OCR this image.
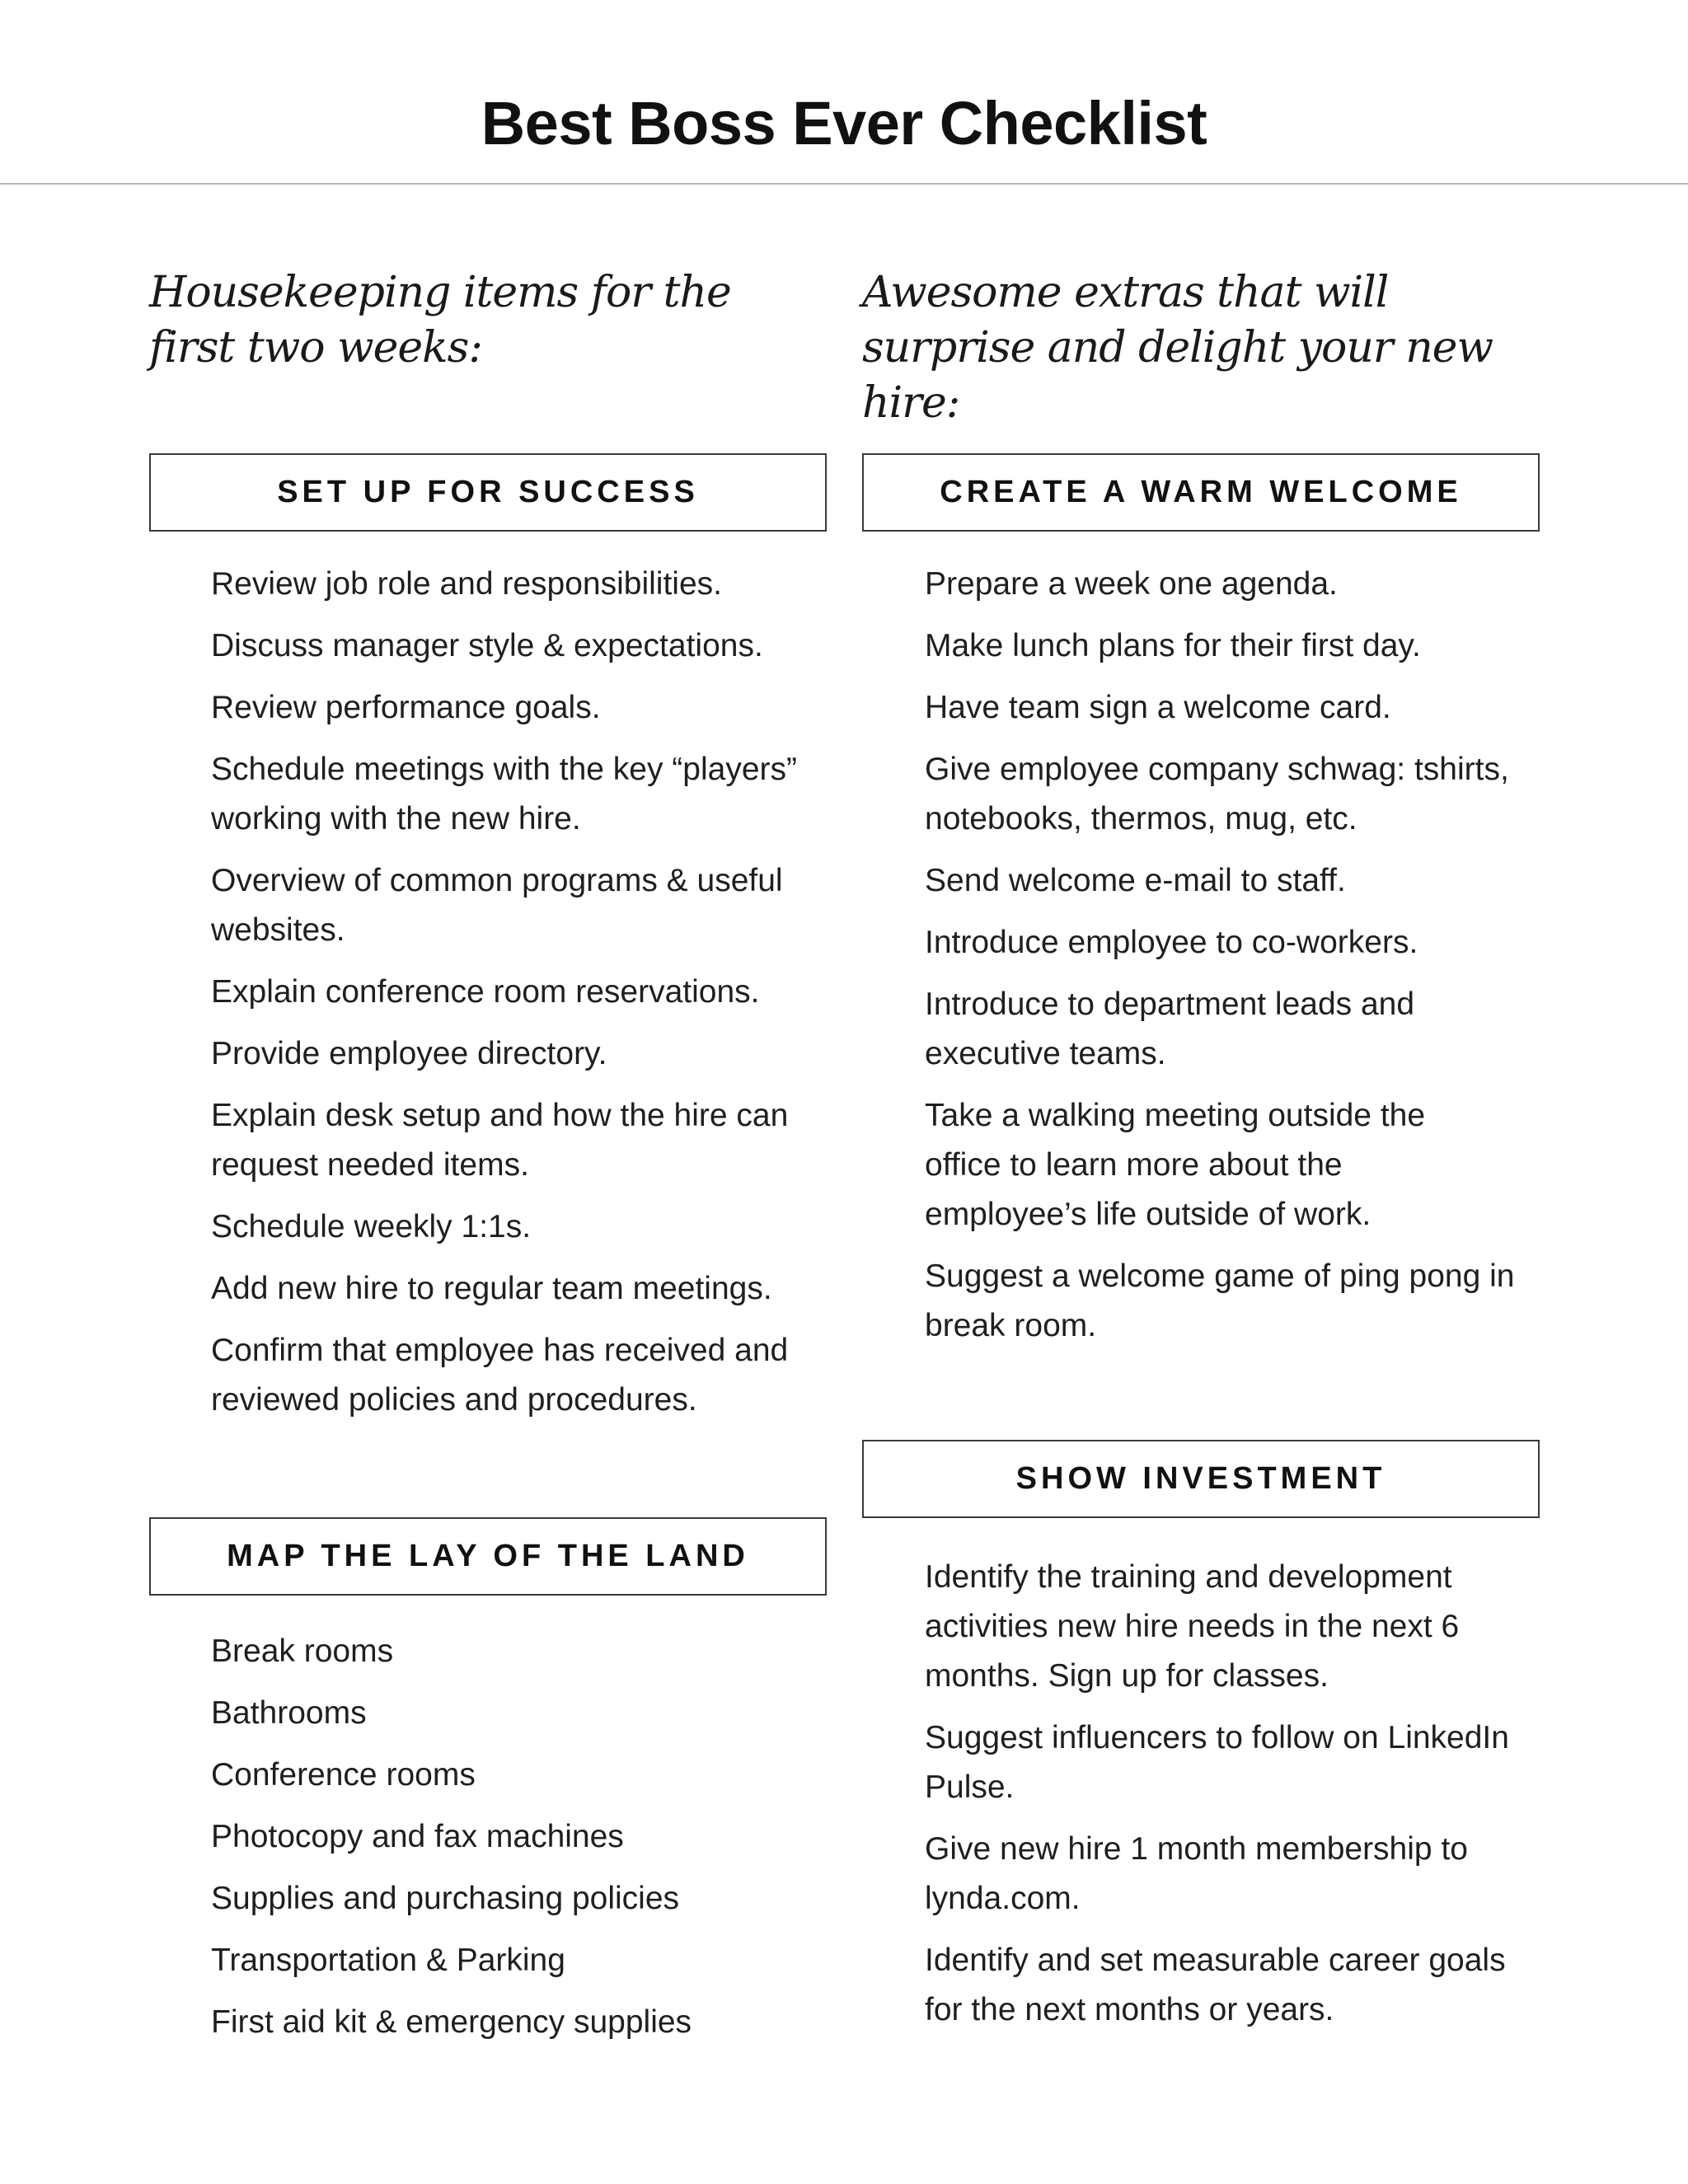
Best Boss Ever Checklist

Housekeeping items for the first two weeks:

SET UP FOR SUCCESS
Review job role and responsibilities.
Discuss manager style & expectations.
Review performance goals.
Schedule meetings with the key “players” working with the new hire.
Overview of common programs & useful websites.
Explain conference room reservations.
Provide employee directory.
Explain desk setup and how the hire can request needed items.
Schedule weekly 1:1s.
Add new hire to regular team meetings.
Confirm that employee has received and reviewed policies and procedures.
MAP THE LAY OF THE LAND
Break rooms
Bathrooms
Conference rooms
Photocopy and fax machines
Supplies and purchasing policies
Transportation & Parking
First aid kit & emergency supplies

Awesome extras that will surprise and delight your new hire:

CREATE A WARM WELCOME
Prepare a week one agenda.
Make lunch plans for their first day.
Have team sign a welcome card.
Give employee company schwag: tshirts, notebooks, thermos, mug, etc.
Send welcome e-mail to staff.
Introduce employee to co-workers.
Introduce to department leads and executive teams.
Take a walking meeting outside the office to learn more about the employee’s life outside of work.
Suggest a welcome game of ping pong in break room.
SHOW INVESTMENT
Identify the training and development activities new hire needs in the next 6 months. Sign up for classes.
Suggest influencers to follow on LinkedIn Pulse.
Give new hire 1 month membership to lynda.com.
Identify and set measurable career goals for the next months or years.
